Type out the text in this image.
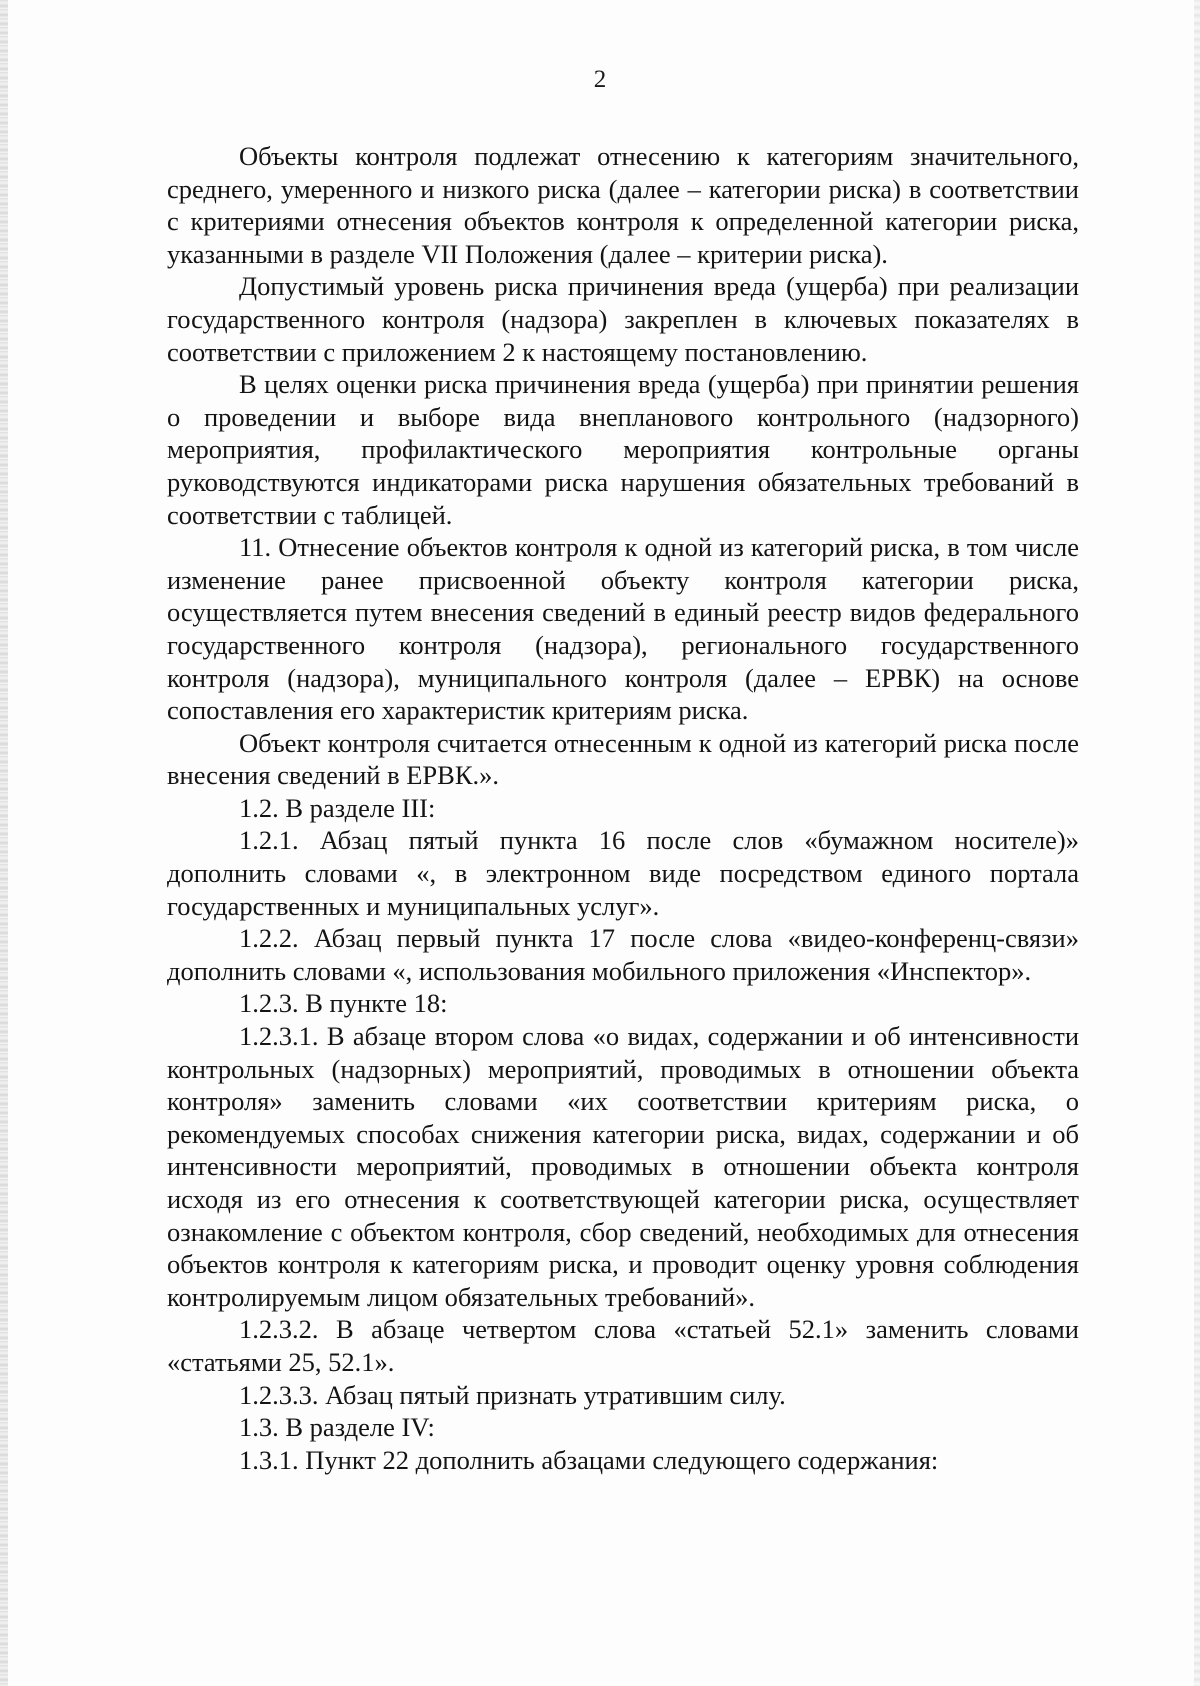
2

Объекты контроля подлежат отнесению к категориям значительного, среднего, умеренного и низкого риска (далее – категории риска) в соответствии с критериями отнесения объектов контроля к определенной категории риска, указанными в разделе VII Положения (далее – критерии риска).

Допустимый уровень риска причинения вреда (ущерба) при реализации государственного контроля (надзора) закреплен в ключевых показателях в соответствии с приложением 2 к настоящему постановлению.

В целях оценки риска причинения вреда (ущерба) при принятии решения о проведении и выборе вида внепланового контрольного (надзорного) мероприятия, профилактического мероприятия контрольные органы руководствуются индикаторами риска нарушения обязательных требований в соответствии с таблицей.

11. Отнесение объектов контроля к одной из категорий риска, в том числе изменение ранее присвоенной объекту контроля категории риска, осуществляется путем внесения сведений в единый реестр видов федерального государственного контроля (надзора), регионального государственного контроля (надзора), муниципального контроля (далее – ЕРВК) на основе сопоставления его характеристик критериям риска.

Объект контроля считается отнесенным к одной из категорий риска после внесения сведений в ЕРВК.».

1.2. В разделе III:

1.2.1. Абзац пятый пункта 16 после слов «бумажном носителе)» дополнить словами «, в электронном виде посредством единого портала государственных и муниципальных услуг».

1.2.2. Абзац первый пункта 17 после слова «видео-конференц-связи» дополнить словами «, использования мобильного приложения «Инспектор».

1.2.3. В пункте 18:

1.2.3.1. В абзаце втором слова «о видах, содержании и об интенсивности контрольных (надзорных) мероприятий, проводимых в отношении объекта контроля» заменить словами «их соответствии критериям риска, о рекомендуемых способах снижения категории риска, видах, содержании и об интенсивности мероприятий, проводимых в отношении объекта контроля исходя из его отнесения к соответствующей категории риска, осуществляет ознакомление с объектом контроля, сбор сведений, необходимых для отнесения объектов контроля к категориям риска, и проводит оценку уровня соблюдения контролируемым лицом обязательных требований».

1.2.3.2. В абзаце четвертом слова «статьей 52.1» заменить словами «статьями 25, 52.1».

1.2.3.3. Абзац пятый признать утратившим силу.

1.3. В разделе IV:

1.3.1. Пункт 22 дополнить абзацами следующего содержания:
